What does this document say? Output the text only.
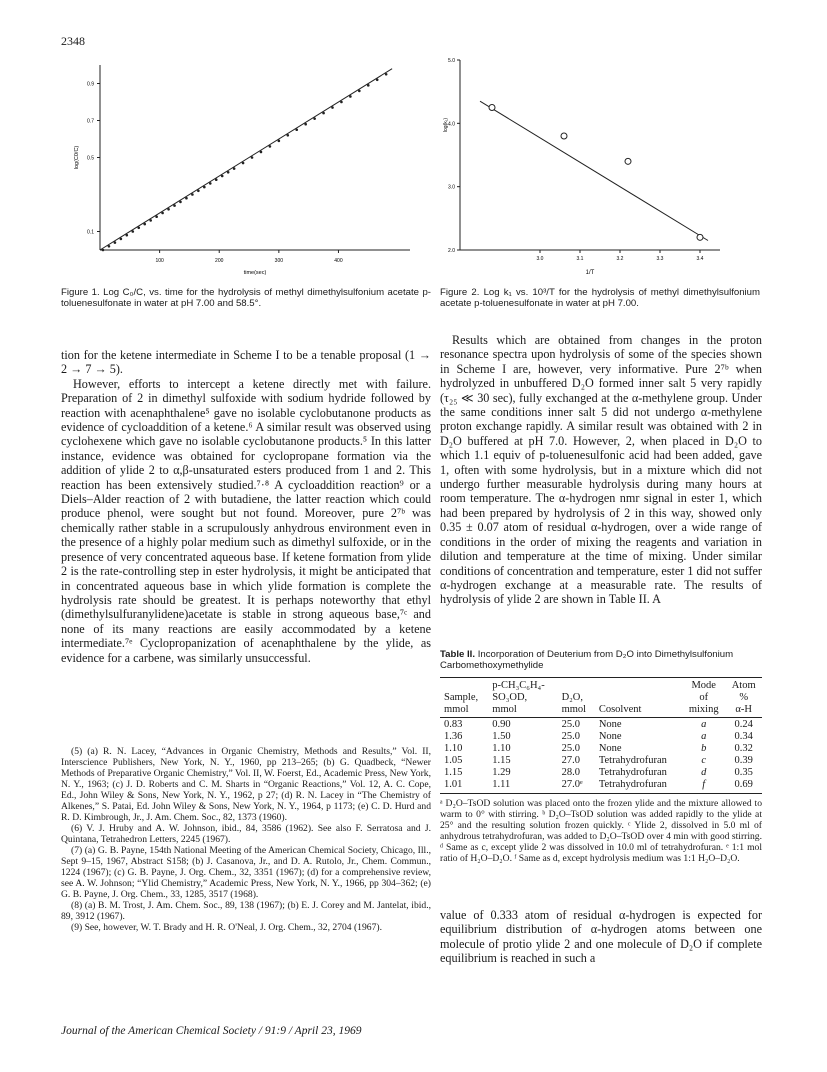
2348
100	200	300	400
0.9
0.7
0.5
0.1
time(sec)
log(C0/C)
Figure 1. Log C₀/C, vs. time for the hydrolysis of methyl dimethylsulfonium acetate p-toluenesulfonate in water at pH 7.00 and 58.5°.
3.0	3.1	3.2	3.3	3.4
2.0
3.0
4.0
5.0
1/T
log(k₁)
Figure 2. Log k₁ vs. 10³/T for the hydrolysis of methyl dimethylsulfonium acetate p-toluenesulfonate in water at pH 7.00.

tion for the ketene intermediate in Scheme I to be a tenable proposal (1 → 2 → 7 → 5).

However, efforts to intercept a ketene directly met with failure. Preparation of 2 in dimethyl sulfoxide with sodium hydride followed by reaction with acenaphthalene⁵ gave no isolable cyclobutanone products as evidence of cycloaddition of a ketene.⁶ A similar result was observed using cyclohexene which gave no isolable cyclobutanone products.⁵ In this latter instance, evidence was obtained for cyclopropane formation via the addition of ylide 2 to α,β-unsaturated esters produced from 1 and 2. This reaction has been extensively studied.⁷·⁸ A cycloaddition reaction⁹ or a Diels–Alder reaction of 2 with butadiene, the latter reaction which could produce phenol, were sought but not found. Moreover, pure 2⁷ᵇ was chemically rather stable in a scrupulously anhydrous environment even in the presence of a highly polar medium such as dimethyl sulfoxide, or in the presence of very concentrated aqueous base. If ketene formation from ylide 2 is the rate-controlling step in ester hydrolysis, it might be anticipated that in concentrated aqueous base in which ylide formation is complete the hydrolysis rate should be greatest. It is perhaps noteworthy that ethyl (dimethylsulfuranylidene)acetate is stable in strong aqueous base,⁷ᶜ and none of its many reactions are easily accommodated by a ketene intermediate.⁷ᵉ Cyclopropanization of acenaphthalene by the ylide, as evidence for a carbene, was similarly unsuccessful.

(5) (a) R. N. Lacey, “Advances in Organic Chemistry, Methods and Results,” Vol. II, Interscience Publishers, New York, N. Y., 1960, pp 213–265; (b) G. Quadbeck, “Newer Methods of Preparative Organic Chemistry,” Vol. II, W. Foerst, Ed., Academic Press, New York, N. Y., 1963; (c) J. D. Roberts and C. M. Sharts in “Organic Reactions,” Vol. 12, A. C. Cope, Ed., John Wiley & Sons, New York, N. Y., 1962, p 27; (d) R. N. Lacey in “The Chemistry of Alkenes,” S. Patai, Ed. John Wiley & Sons, New York, N. Y., 1964, p 1173; (e) C. D. Hurd and R. D. Kimbrough, Jr., J. Am. Chem. Soc., 82, 1373 (1960).

(6) V. J. Hruby and A. W. Johnson, ibid., 84, 3586 (1962). See also F. Serratosa and J. Quintana, Tetrahedron Letters, 2245 (1967).

(7) (a) G. B. Payne, 154th National Meeting of the American Chemical Society, Chicago, Ill., Sept 9–15, 1967, Abstract S158; (b) J. Casanova, Jr., and D. A. Rutolo, Jr., Chem. Commun., 1224 (1967); (c) G. B. Payne, J. Org. Chem., 32, 3351 (1967); (d) for a comprehensive review, see A. W. Johnson; “Ylid Chemistry,” Academic Press, New York, N. Y., 1966, pp 304–362; (e) G. B. Payne, J. Org. Chem., 33, 1285, 3517 (1968).

(8) (a) B. M. Trost, J. Am. Chem. Soc., 89, 138 (1967); (b) E. J. Corey and M. Jantelat, ibid., 89, 3912 (1967).

(9) See, however, W. T. Brady and H. R. O'Neal, J. Org. Chem., 32, 2704 (1967).

Results which are obtained from changes in the proton resonance spectra upon hydrolysis of some of the species shown in Scheme I are, however, very informative. Pure 2⁷ᵇ when hydrolyzed in unbuffered D₂O formed inner salt 5 very rapidly (τ₂₅ ≪ 30 sec), fully exchanged at the α-methylene group. Under the same conditions inner salt 5 did not undergo α-methylene proton exchange rapidly. A similar result was obtained with 2 in D₂O buffered at pH 7.0. However, 2, when placed in D₂O to which 1.1 equiv of p-toluenesulfonic acid had been added, gave 1, often with some hydrolysis, but in a mixture which did not undergo further measurable hydrolysis during many hours at room temperature. The α-hydrogen nmr signal in ester 1, which had been prepared by hydrolysis of 2 in this way, showed only 0.35 ± 0.07 atom of residual α-hydrogen, over a wide range of conditions in the order of mixing the reagents and variation in dilution and temperature at the time of mixing. Under similar conditions of concentration and temperature, ester 1 did not suffer α-hydrogen exchange at a measurable rate. The results of hydrolysis of ylide 2 are shown in Table II. A

Table II. Incorporation of Deuterium from D₂O into Dimethylsulfonium Carbomethoxymethylide

Sample,
mmol	p-CH₃C₆H₄-
SO₃OD,
mmol	D₂O,
mmol	Cosolvent	Mode
of
mixing	Atom
%
α-H
0.83	0.90	25.0	None	a	0.24
1.36	1.50	25.0	None	a	0.34
1.10	1.10	25.0	None	b	0.32
1.05	1.15	27.0	Tetrahydrofuran	c	0.39
1.15	1.29	28.0	Tetrahydrofuran	d	0.35
1.01	1.11	27.0ᵉ	Tetrahydrofuran	f	0.69
ᵃ D₂O–TsOD solution was placed onto the frozen ylide and the mixture allowed to warm to 0° with stirring. ᵇ D₂O–TsOD solution was added rapidly to the ylide at 25° and the resulting solution frozen quickly. ᶜ Ylide 2, dissolved in 5.0 ml of anhydrous tetrahydrofuran, was added to D₂O–TsOD over 4 min with good stirring. ᵈ Same as c, except ylide 2 was dissolved in 10.0 ml of tetrahydrofuran. ᵉ 1:1 mol ratio of H₂O–D₂O. ᶠ Same as d, except hydrolysis medium was 1:1 H₂O–D₂O.

value of 0.333 atom of residual α-hydrogen is expected for equilibrium distribution of α-hydrogen atoms between one molecule of protio ylide 2 and one molecule of D₂O if complete equilibrium is reached in such a

Journal of the American Chemical Society / 91:9 / April 23, 1969
